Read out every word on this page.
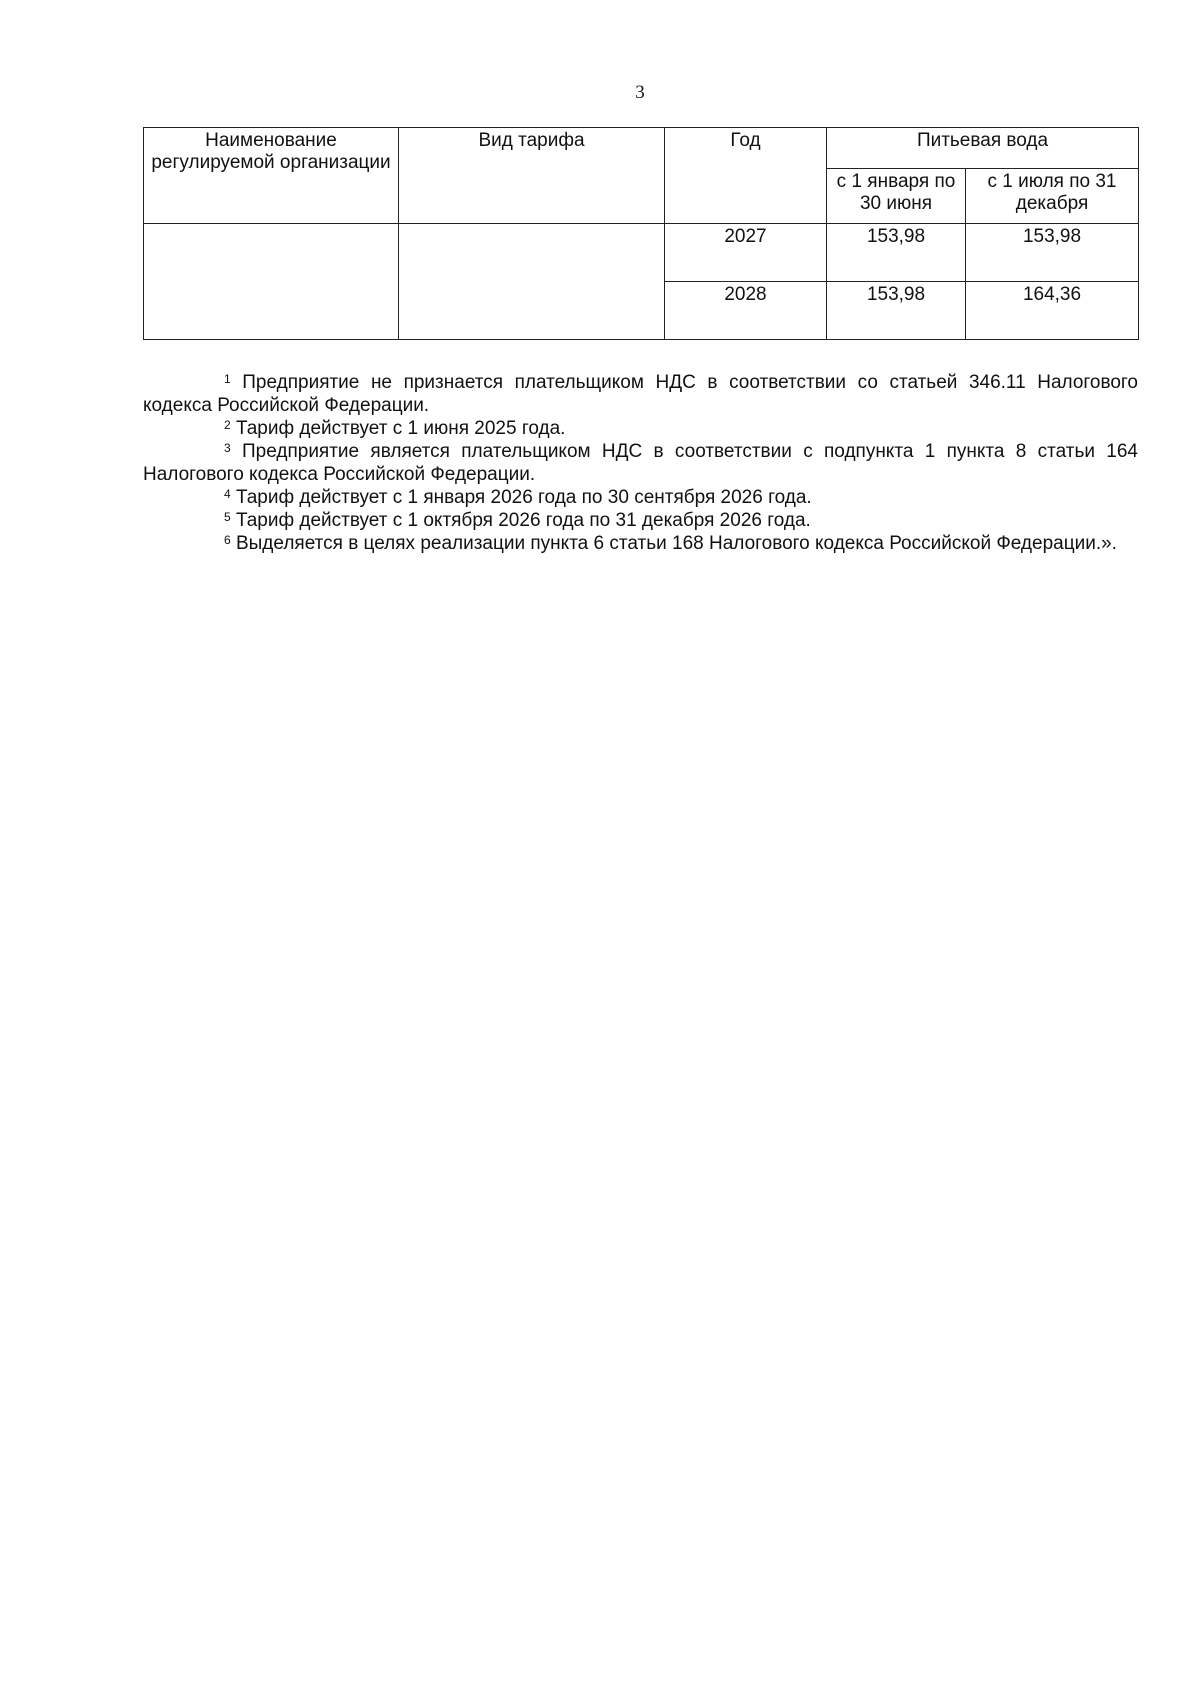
3
Наименование регулируемой организации	Вид тарифа	Год	Питьевая вода	
			с 1 января по 30 июня	с 1 июля по 31 декабря
		2027	153,98	153,98
		2028	153,98	164,36

$^1$ Предприятие не признается плательщиком НДС в соответствии со статьей 346.11 Налогового кодекса Российской Федерации.

$^2$ Тариф действует с 1 июня 2025 года.

$^3$ Предприятие является плательщиком НДС в соответствии с подпункта 1 пункта 8 статьи 164 Налогового кодекса Российской Федерации.

$^4$ Тариф действует с 1 января 2026 года по 30 сентября 2026 года.

$^5$ Тариф действует с 1 октября 2026 года по 31 декабря 2026 года.

$^6$ Выделяется в целях реализации пункта 6 статьи 168 Налогового кодекса Российской Федерации.».
